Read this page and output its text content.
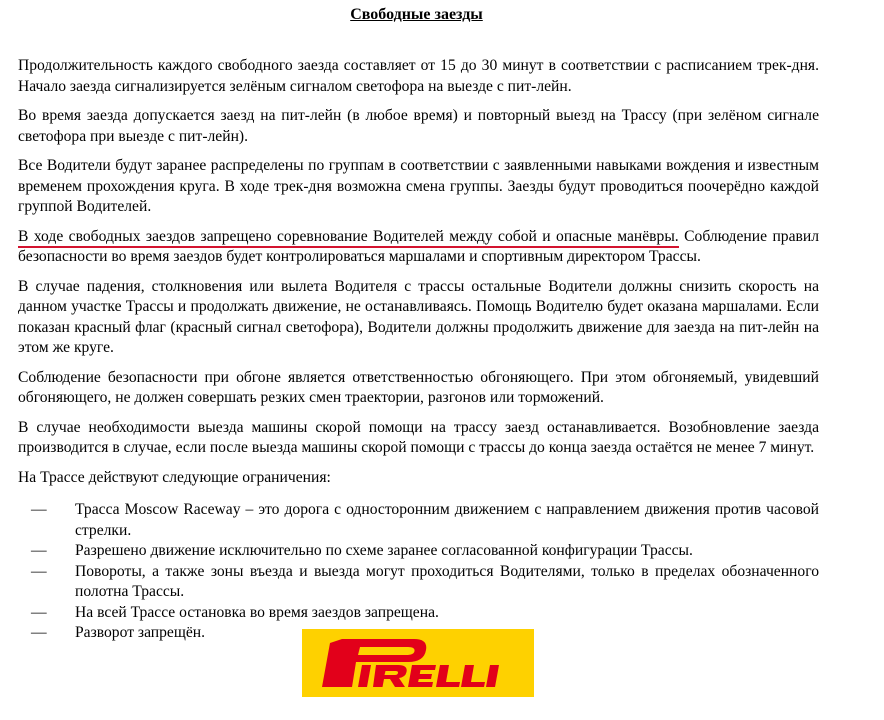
Свободные заезды

Продолжительность каждого свободного заезда составляет от 15 до 30 минут в соответствии с расписанием трек-дня. Начало заезда сигнализируется зелёным сигналом светофора на выезде с пит-лейн.

Во время заезда допускается заезд на пит-лейн (в любое время) и повторный выезд на Трассу (при зелёном сигнале светофора при выезде с пит-лейн).

Все Водители будут заранее распределены по группам в соответствии с заявленными навыками вождения и известным временем прохождения круга. В ходе трек-дня возможна смена группы. Заезды будут проводиться поочерёдно каждой группой Водителей.

В ходе свободных заездов запрещено соревнование Водителей между собой и опасные манёвры. Соблюдение правил безопасности во время заездов будет контролироваться маршалами и спортивным директором Трассы.

В случае падения, столкновения или вылета Водителя с трассы остальные Водители должны снизить скорость на данном участке Трассы и продолжать движение, не останавливаясь. Помощь Водителю будет оказана маршалами. Если показан красный флаг (красный сигнал светофора), Водители должны продолжить движение для заезда на пит-лейн на этом же круге.

Соблюдение безопасности при обгоне является ответственностью обгоняющего. При этом обгоняемый, увидевший обгоняющего, не должен совершать резких смен траектории, разгонов или торможений.

В случае необходимости выезда машины скорой помощи на трассу заезд останавливается. Возобновление заезда производится в случае, если после выезда машины скорой помощи с трассы до конца заезда остаётся не менее 7 минут.

На Трассе действуют следующие ограничения:

— Трасса Moscow Raceway – это дорога с односторонним движением с направлением движения против часовой стрелки.
— Разрешено движение исключительно по схеме заранее согласованной конфигурации Трассы.
— Повороты, а также зоны въезда и выезда могут проходиться Водителями, только в пределах обозначенного полотна Трассы.
— На всей Трассе остановка во время заездов запрещена.
— Разворот запрещён.
